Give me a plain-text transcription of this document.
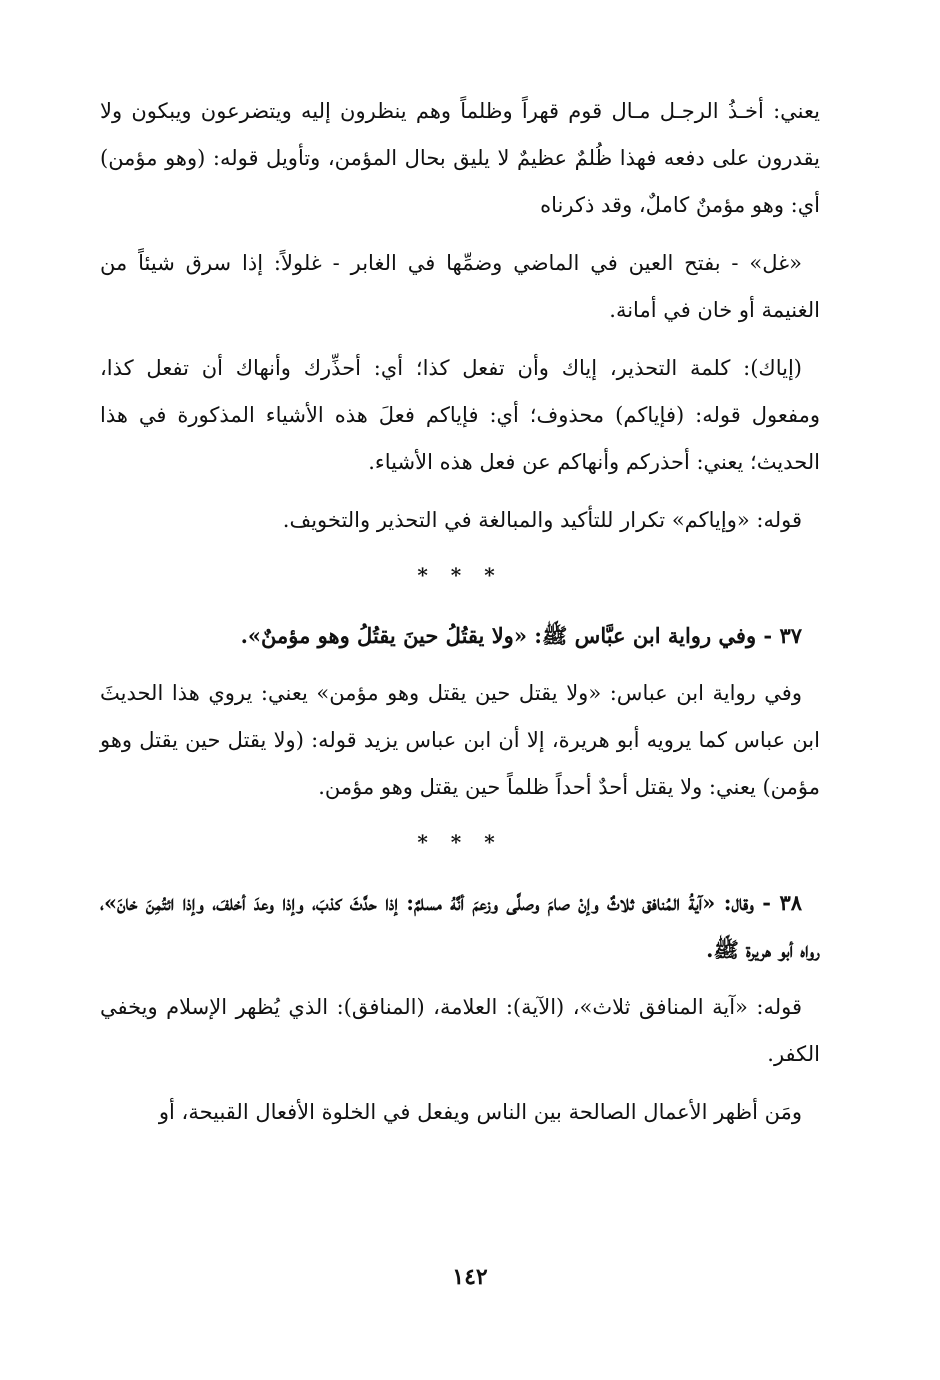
يعني: أخـذُ الرجـل مـال قوم قهراً وظلماً وهم ينظرون إليه ويتضرعون ويبكون ولا يقدرون على دفعه فهذا ظُلمٌ عظيمٌ لا يليق بحال المؤمن، وتأويل قوله: (وهو مؤمن) أي: وهو مؤمنٌ كاملٌ، وقد ذكرناه

«غل» - بفتح العين في الماضي وضمِّها في الغابر - غلولاً: إذا سرق شيئاً من الغنيمة أو خان في أمانة.

(إياك): كلمة التحذير، إياك وأن تفعل كذا؛ أي: أحذِّرك وأنهاك أن تفعل كذا، ومفعول قوله: (فإياكم) محذوف؛ أي: فإياكم فعلَ هذه الأشياء المذكورة في هذا الحديث؛ يعني: أحذركم وأنهاكم عن فعل هذه الأشياء.

قوله: «وإياكم» تكرار للتأكيد والمبالغة في التحذير والتخويف.

* * *

٣٧ - وفي رواية ابن عبَّاس ﷺ: «ولا يقتُلُ حينَ يقتُلُ وهو مؤمنٌ».

وفي رواية ابن عباس: «ولا يقتل حين يقتل وهو مؤمن» يعني: يروي هذا الحديثَ ابن عباس كما يرويه أبو هريرة، إلا أن ابن عباس يزيد قوله: (ولا يقتل حين يقتل وهو مؤمن) يعني: ولا يقتل أحدٌ أحداً ظلماً حين يقتل وهو مؤمن.

* * *

٣٨ - وقال: «آيةُ المُنافق ثلاثٌ وإنْ صامَ وصلَّى وزعمَ أنَّهُ مسلمٌ: إذا حدَّثَ كذبَ، وإذا وعدَ أخلفَ، وإذا ائتُمِنَ خانَ»، رواه أبو هريرة ﷺ.

قوله: «آية المنافق ثلاث»، (الآية): العلامة، (المنافق): الذي يُظهر الإسلام ويخفي الكفر.

ومَن أظهر الأعمال الصالحة بين الناس ويفعل في الخلوة الأفعال القبيحة، أو

١٤٢
